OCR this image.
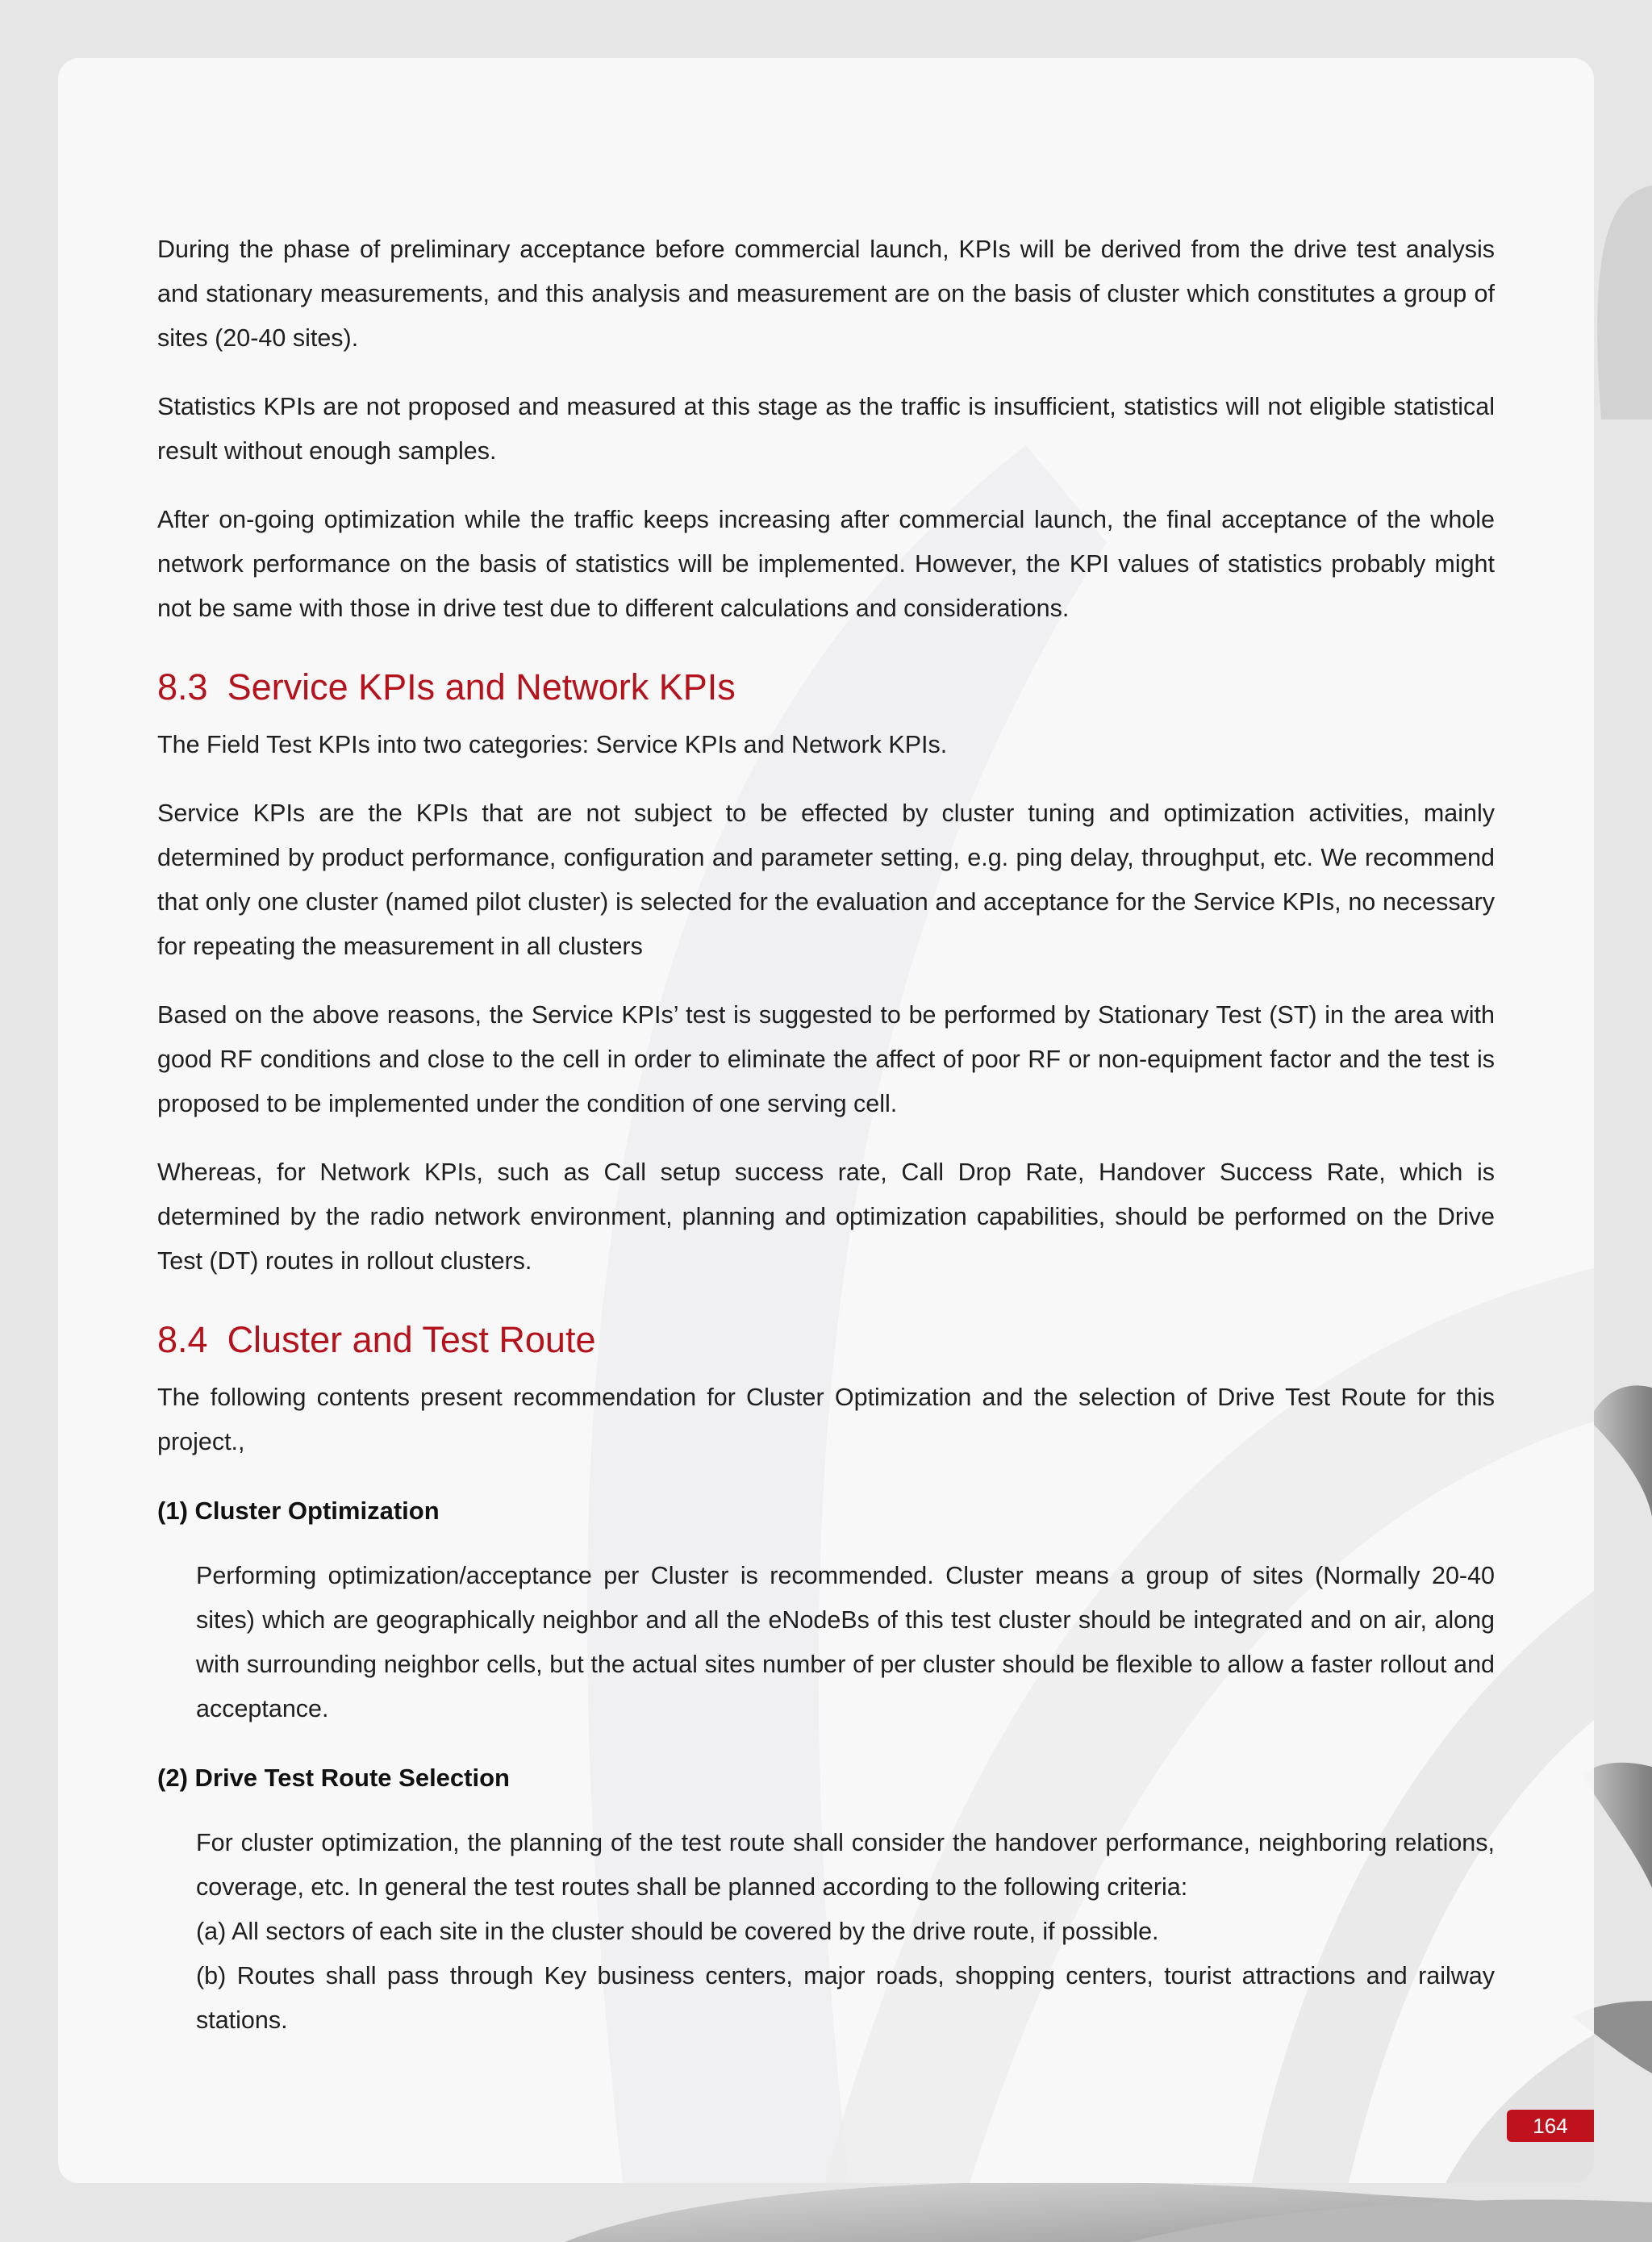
During the phase of preliminary acceptance before commercial launch, KPIs will be derived from the drive test analysis and stationary measurements, and this analysis and measurement are on the basis of cluster which constitutes a group of sites (20-40 sites).

Statistics KPIs are not proposed and measured at this stage as the traffic is insufficient, statistics will not eligible statistical result without enough samples.

After on-going optimization while the traffic keeps increasing after commercial launch, the final acceptance of the whole network performance on the basis of statistics will be implemented. However, the KPI values of statistics probably might not be same with those in drive test due to different calculations and considerations.

8.3 Service KPIs and Network KPIs

The Field Test KPIs into two categories: Service KPIs and Network KPIs.

Service KPIs are the KPIs that are not subject to be effected by cluster tuning and optimization activities, mainly determined by product performance, configuration and parameter setting, e.g. ping delay, throughput, etc. We recommend that only one cluster (named pilot cluster) is selected for the evaluation and acceptance for the Service KPIs, no necessary for repeating the measurement in all clusters

Based on the above reasons, the Service KPIs’ test is suggested to be performed by Stationary Test (ST) in the area with good RF conditions and close to the cell in order to eliminate the affect of poor RF or non-equipment factor and the test is proposed to be implemented under the condition of one serving cell.

Whereas, for Network KPIs, such as Call setup success rate, Call Drop Rate, Handover Success Rate, which is determined by the radio network environment, planning and optimization capabilities, should be performed on the Drive Test (DT) routes in rollout clusters.

8.4 Cluster and Test Route

The following contents present recommendation for Cluster Optimization and the selection of Drive Test Route for this project.,

(1) Cluster Optimization

Performing optimization/acceptance per Cluster is recommended. Cluster means a group of sites (Normally 20-40 sites) which are geographically neighbor and all the eNodeBs of this test cluster should be integrated and on air, along with surrounding neighbor cells, but the actual sites number of per cluster should be flexible to allow a faster rollout and acceptance.

(2) Drive Test Route Selection

For cluster optimization, the planning of the test route shall consider the handover performance, neighboring relations, coverage, etc. In general the test routes shall be planned according to the following criteria:

(a) All sectors of each site in the cluster should be covered by the drive route, if possible.

(b) Routes shall pass through Key business centers, major roads, shopping centers, tourist attractions and railway stations.

164
